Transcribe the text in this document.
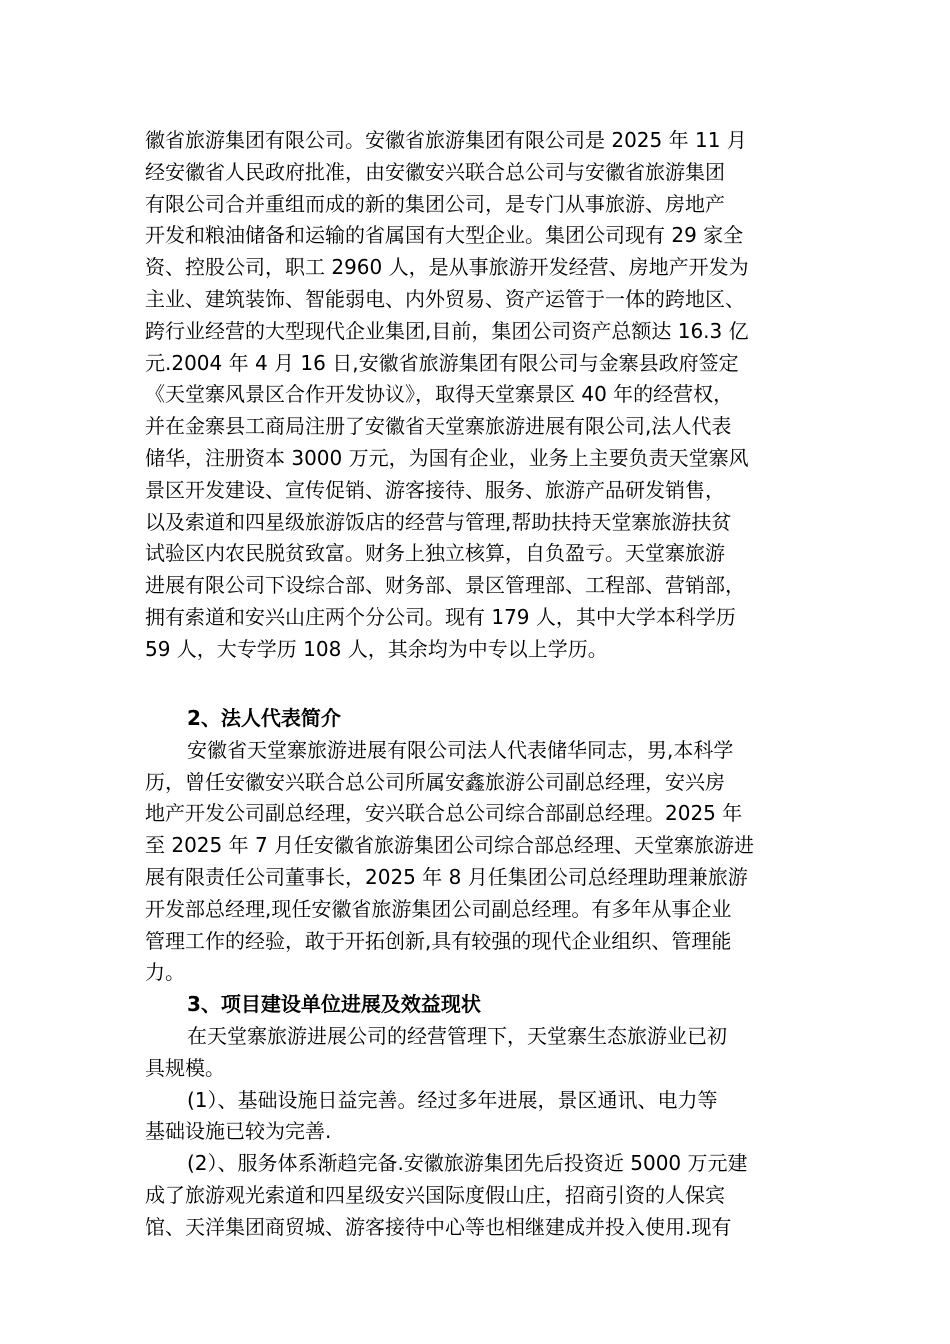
徽省旅游集团有限公司。安徽省旅游集团有限公司是 2025 年 11 月
经安徽省人民政府批准，由安徽安兴联合总公司与安徽省旅游集团
有限公司合并重组而成的新的集团公司，是专门从事旅游、房地产
开发和粮油储备和运输的省属国有大型企业。集团公司现有 29 家全
资、控股公司，职工 2960 人，是从事旅游开发经营、房地产开发为
主业、建筑装饰、智能弱电、内外贸易、资产运管于一体的跨地区、
跨行业经营的大型现代企业集团,目前，集团公司资产总额达 16.3 亿
元.2004 年 4 月 16 日,安徽省旅游集团有限公司与金寨县政府签定
《天堂寨风景区合作开发协议》，取得天堂寨景区 40 年的经营权，
并在金寨县工商局注册了安徽省天堂寨旅游进展有限公司,法人代表
储华，注册资本 3000 万元，为国有企业，业务上主要负责天堂寨风
景区开发建设、宣传促销、游客接待、服务、旅游产品研发销售，
以及索道和四星级旅游饭店的经营与管理,帮助扶持天堂寨旅游扶贫
试验区内农民脱贫致富。财务上独立核算，自负盈亏。天堂寨旅游
进展有限公司下设综合部、财务部、景区管理部、工程部、营销部，
拥有索道和安兴山庄两个分公司。现有 179 人，其中大学本科学历
59 人，大专学历 108 人，其余均为中专以上学历。
2、法人代表简介
安徽省天堂寨旅游进展有限公司法人代表储华同志，男,本科学
历，曾任安徽安兴联合总公司所属安鑫旅游公司副总经理，安兴房
地产开发公司副总经理，安兴联合总公司综合部副总经理。2025 年
至 2025 年 7 月任安徽省旅游集团公司综合部总经理、天堂寨旅游进
展有限责任公司董事长，2025 年 8 月任集团公司总经理助理兼旅游
开发部总经理,现任安徽省旅游集团公司副总经理。有多年从事企业
管理工作的经验，敢于开拓创新,具有较强的现代企业组织、管理能
力。
3、项目建设单位进展及效益现状
在天堂寨旅游进展公司的经营管理下，天堂寨生态旅游业已初
具规模。
(1）、基础设施日益完善。经过多年进展，景区通讯、电力等
基础设施已较为完善.
(2）、服务体系渐趋完备.安徽旅游集团先后投资近 5000 万元建
成了旅游观光索道和四星级安兴国际度假山庄，招商引资的人保宾
馆、天洋集团商贸城、游客接待中心等也相继建成并投入使用.现有
